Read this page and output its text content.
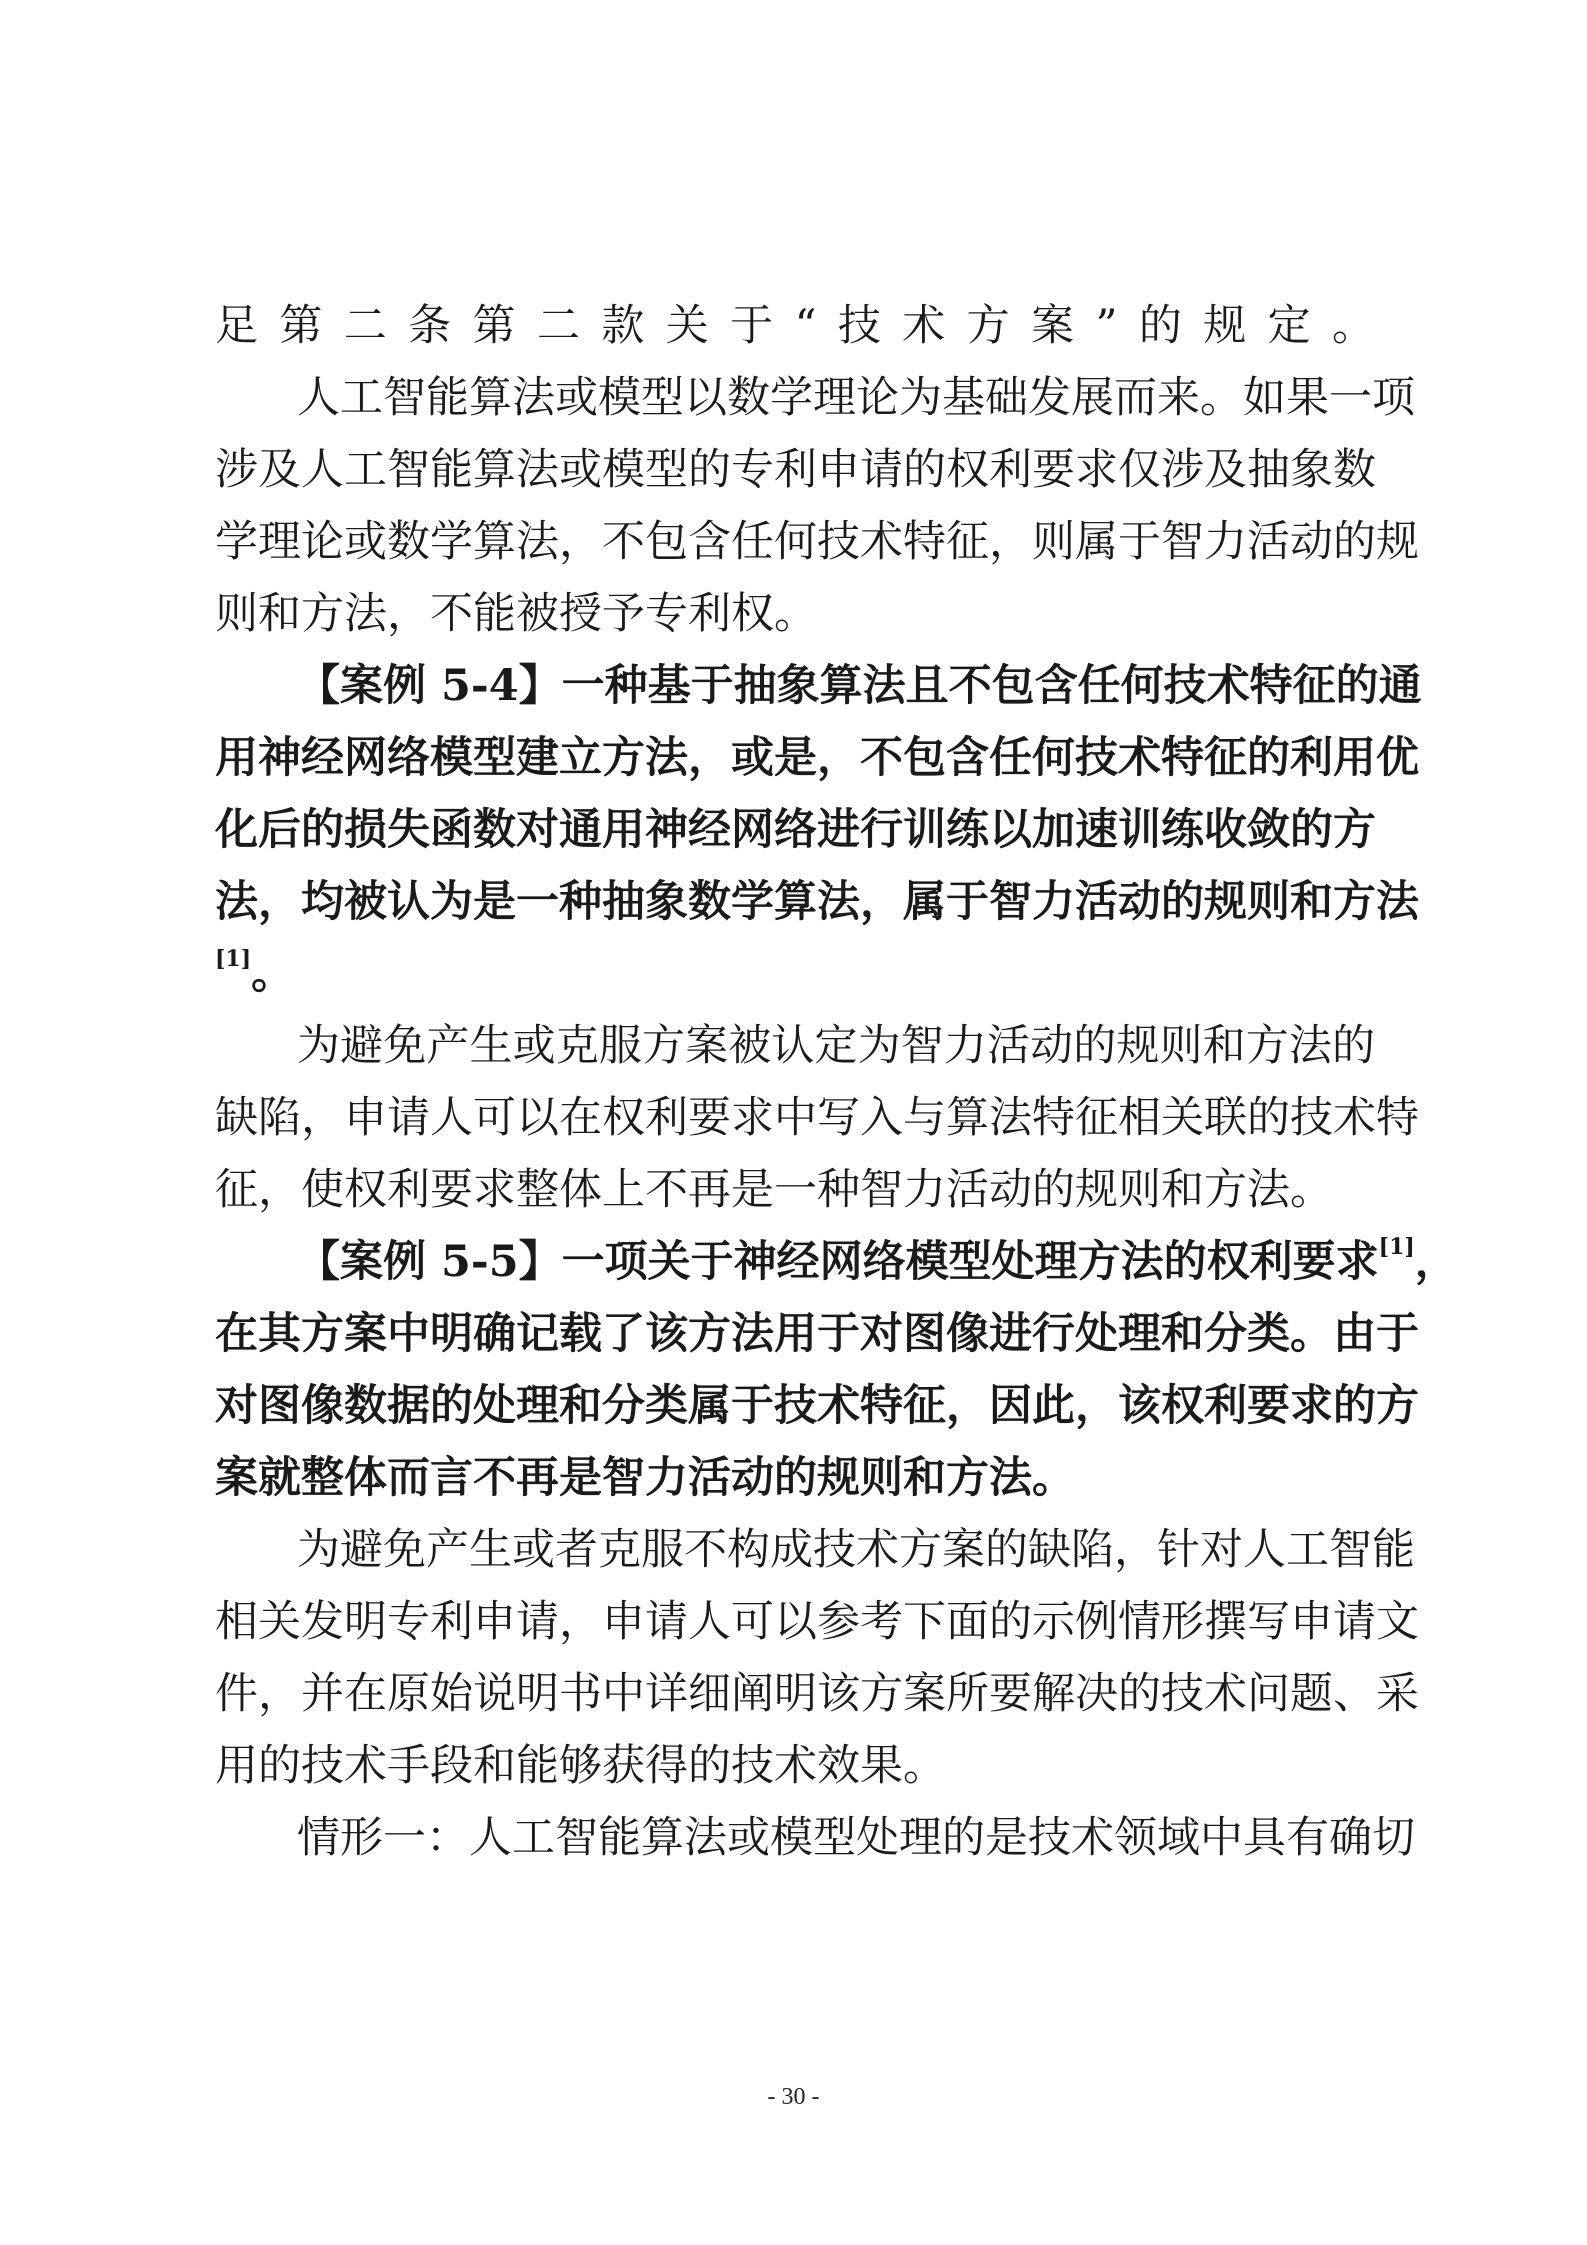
足第二条第二款关于“技术方案”的规定。
人工智能算法或模型以数学理论为基础发展而来。如果一项
涉及人工智能算法或模型的专利申请的权利要求仅涉及抽象数
学理论或数学算法，不包含任何技术特征，则属于智力活动的规
则和方法，不能被授予专利权。
【案例 5-4】一种基于抽象算法且不包含任何技术特征的通
用神经网络模型建立方法，或是，不包含任何技术特征的利用优
化后的损失函数对通用神经网络进行训练以加速训练收敛的方
法，均被认为是一种抽象数学算法，属于智力活动的规则和方法
[1]。
为避免产生或克服方案被认定为智力活动的规则和方法的
缺陷，申请人可以在权利要求中写入与算法特征相关联的技术特
征，使权利要求整体上不再是一种智力活动的规则和方法。
【案例 5-5】一项关于神经网络模型处理方法的权利要求[1]，
在其方案中明确记载了该方法用于对图像进行处理和分类。由于
对图像数据的处理和分类属于技术特征，因此，该权利要求的方
案就整体而言不再是智力活动的规则和方法。
为避免产生或者克服不构成技术方案的缺陷，针对人工智能
相关发明专利申请，申请人可以参考下面的示例情形撰写申请文
件，并在原始说明书中详细阐明该方案所要解决的技术问题、采
用的技术手段和能够获得的技术效果。
情形一：人工智能算法或模型处理的是技术领域中具有确切
- 30 -
